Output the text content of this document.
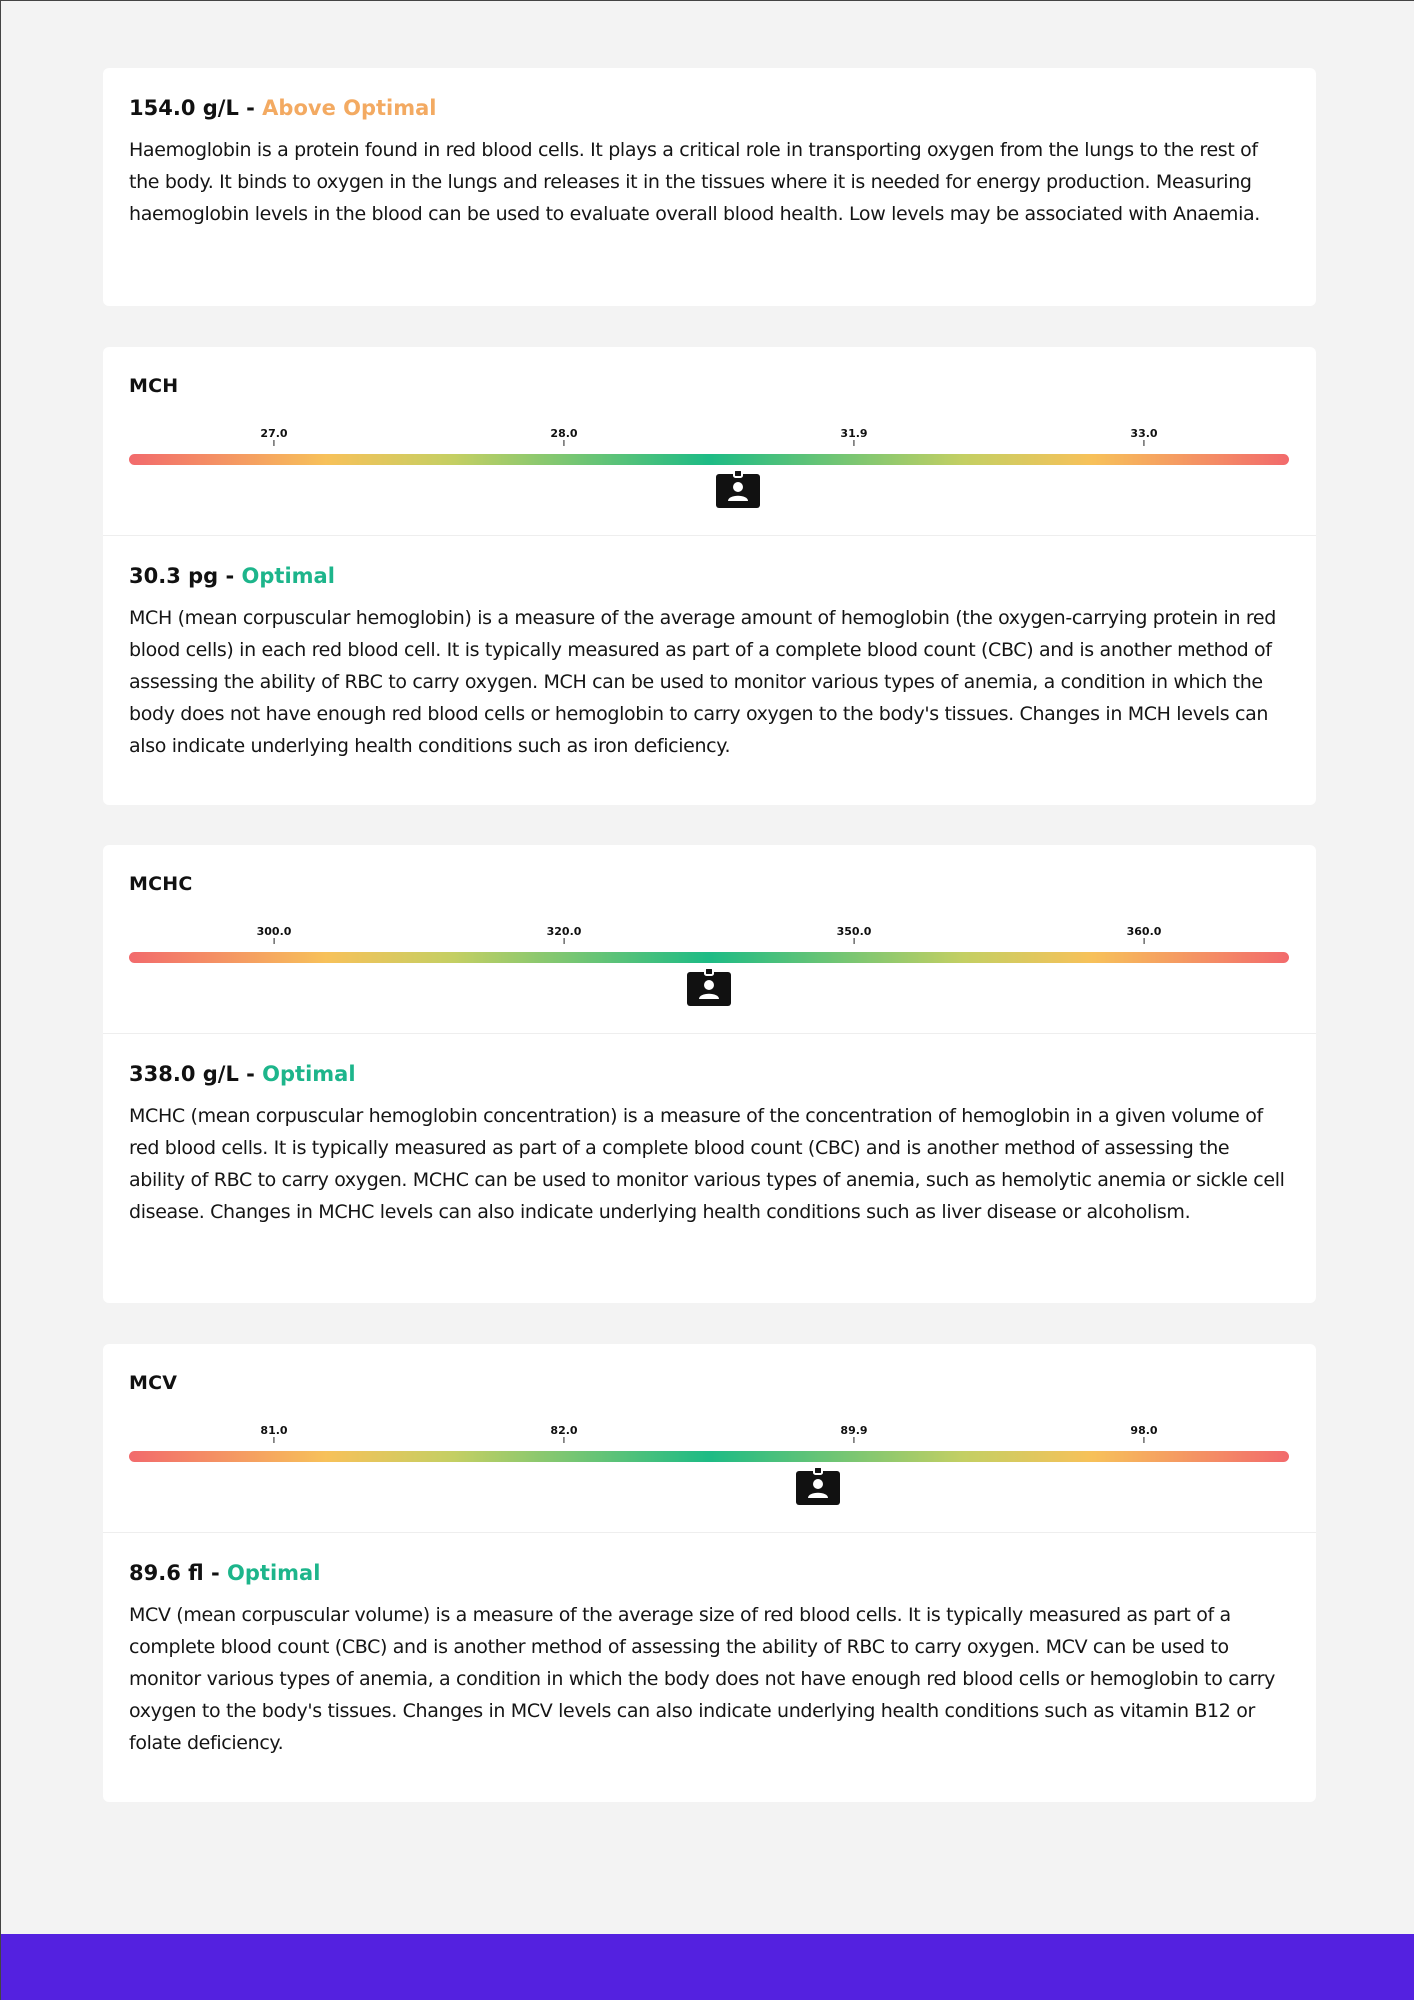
154.0 g/L - Above Optimal

Haemoglobin is a protein found in red blood cells. It plays a critical role in transporting oxygen from the lungs to the rest of the body. It binds to oxygen in the lungs and releases it in the tissues where it is needed for energy production. Measuring haemoglobin levels in the blood can be used to evaluate overall blood health. Low levels may be associated with Anaemia.

MCH
27.0	28.0	31.9	33.0

30.3 pg - Optimal

MCH (mean corpuscular hemoglobin) is a measure of the average amount of hemoglobin (the oxygen-carrying protein in red blood cells) in each red blood cell. It is typically measured as part of a complete blood count (CBC) and is another method of assessing the ability of RBC to carry oxygen. MCH can be used to monitor various types of anemia, a condition in which the body does not have enough red blood cells or hemoglobin to carry oxygen to the body's tissues. Changes in MCH levels can also indicate underlying health conditions such as iron deficiency.

MCHC
300.0	320.0	350.0	360.0

338.0 g/L - Optimal

MCHC (mean corpuscular hemoglobin concentration) is a measure of the concentration of hemoglobin in a given volume of red blood cells. It is typically measured as part of a complete blood count (CBC) and is another method of assessing the ability of RBC to carry oxygen. MCHC can be used to monitor various types of anemia, such as hemolytic anemia or sickle cell disease. Changes in MCHC levels can also indicate underlying health conditions such as liver disease or alcoholism.

MCV
81.0	82.0	89.9	98.0

89.6 fl - Optimal

MCV (mean corpuscular volume) is a measure of the average size of red blood cells. It is typically measured as part of a complete blood count (CBC) and is another method of assessing the ability of RBC to carry oxygen. MCV can be used to monitor various types of anemia, a condition in which the body does not have enough red blood cells or hemoglobin to carry oxygen to the body's tissues. Changes in MCV levels can also indicate underlying health conditions such as vitamin B12 or folate deficiency.
